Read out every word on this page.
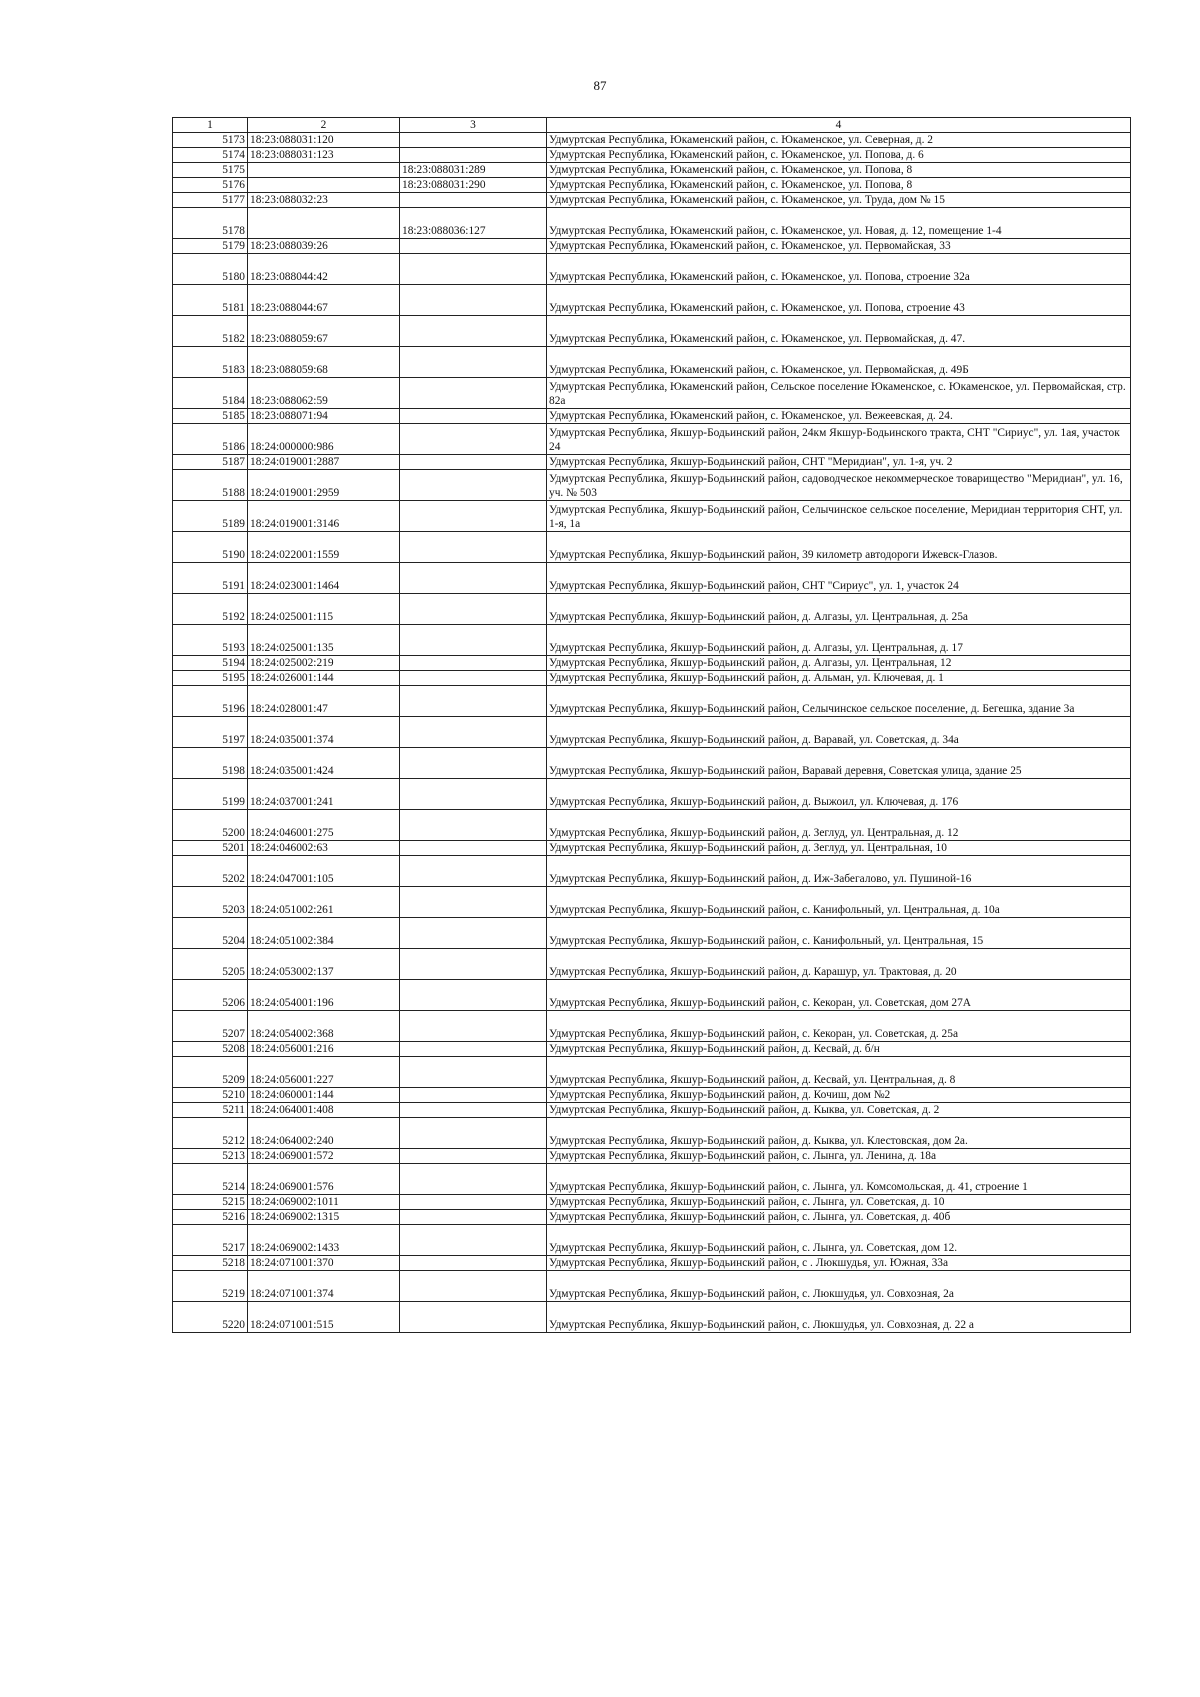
87
1	2	3	4
5173	18:23:088031:120		Удмуртская Республика, Юкаменский район, с. Юкаменское, ул. Северная, д. 2
5174	18:23:088031:123		Удмуртская Республика, Юкаменский район, с. Юкаменское, ул. Попова, д. 6
5175		18:23:088031:289	Удмуртская Республика, Юкаменский район, с. Юкаменское, ул. Попова, 8
5176		18:23:088031:290	Удмуртская Республика, Юкаменский район, с. Юкаменское, ул. Попова, 8
5177	18:23:088032:23		Удмуртская Республика, Юкаменский район, с. Юкаменское, ул. Труда, дом № 15
5178		18:23:088036:127	Удмуртская Республика, Юкаменский район, с. Юкаменское, ул. Новая, д. 12, помещение 1-4
5179	18:23:088039:26		Удмуртская Республика, Юкаменский район, с. Юкаменское, ул. Первомайская, 33
5180	18:23:088044:42		Удмуртская Республика, Юкаменский район, с. Юкаменское, ул. Попова, строение 32а
5181	18:23:088044:67		Удмуртская Республика, Юкаменский район, с. Юкаменское, ул. Попова, строение 43
5182	18:23:088059:67		Удмуртская Республика, Юкаменский район, с. Юкаменское, ул. Первомайская, д. 47.
5183	18:23:088059:68		Удмуртская Республика, Юкаменский район, с. Юкаменское, ул. Первомайская, д. 49Б
5184	18:23:088062:59		Удмуртская Республика, Юкаменский район, Сельское поселение Юкаменское, с. Юкаменское, ул. Первомайская, стр. 82а
5185	18:23:088071:94		Удмуртская Республика, Юкаменский район, с. Юкаменское, ул. Вежеевская, д. 24.
5186	18:24:000000:986		Удмуртская Республика, Якшур-Бодьинский район, 24км Якшур-Бодьинского тракта, СНТ "Сириус", ул. 1ая, участок 24
5187	18:24:019001:2887		Удмуртская Республика, Якшур-Бодьинский район, СНТ "Меридиан", ул. 1-я, уч. 2
5188	18:24:019001:2959		Удмуртская Республика, Якшур-Бодьинский район, садоводческое некоммерческое товарищество "Меридиан", ул. 16, уч. № 503
5189	18:24:019001:3146		Удмуртская Республика, Якшур-Бодьинский район, Селычинское сельское поселение, Меридиан территория СНТ, ул. 1-я, 1а
5190	18:24:022001:1559		Удмуртская Республика, Якшур-Бодьинский район, 39 километр автодороги Ижевск-Глазов.
5191	18:24:023001:1464		Удмуртская Республика, Якшур-Бодьинский район, СНТ "Сириус", ул. 1, участок 24
5192	18:24:025001:115		Удмуртская Республика, Якшур-Бодьинский район, д. Алгазы, ул. Центральная, д. 25а
5193	18:24:025001:135		Удмуртская Республика, Якшур-Бодьинский район, д. Алгазы, ул. Центральная, д. 17
5194	18:24:025002:219		Удмуртская Республика, Якшур-Бодьинский район, д. Алгазы, ул. Центральная, 12
5195	18:24:026001:144		Удмуртская Республика, Якшур-Бодьинский район, д. Альман, ул. Ключевая, д. 1
5196	18:24:028001:47		Удмуртская Республика, Якшур-Бодьинский район, Селычинское сельское поселение, д. Бегешка, здание 3а
5197	18:24:035001:374		Удмуртская Республика, Якшур-Бодьинский район, д. Варавай, ул. Советская, д. 34а
5198	18:24:035001:424		Удмуртская Республика, Якшур-Бодьинский район, Варавай деревня, Советская улица, здание 25
5199	18:24:037001:241		Удмуртская Республика, Якшур-Бодьинский район, д. Выжоил, ул. Ключевая, д. 176
5200	18:24:046001:275		Удмуртская Республика, Якшур-Бодьинский район, д. Зеглуд, ул. Центральная, д. 12
5201	18:24:046002:63		Удмуртская Республика, Якшур-Бодьинский район, д. Зеглуд, ул. Центральная, 10
5202	18:24:047001:105		Удмуртская Республика, Якшур-Бодьинский район, д. Иж-Забегалово, ул. Пушиной-16
5203	18:24:051002:261		Удмуртская Республика, Якшур-Бодьинский район, с. Канифольный, ул. Центральная, д. 10а
5204	18:24:051002:384		Удмуртская Республика, Якшур-Бодьинский район, с. Канифольный, ул. Центральная, 15
5205	18:24:053002:137		Удмуртская Республика, Якшур-Бодьинский район, д. Карашур, ул. Трактовая, д. 20
5206	18:24:054001:196		Удмуртская Республика, Якшур-Бодьинский район, с. Кекоран, ул. Советская, дом 27А
5207	18:24:054002:368		Удмуртская Республика, Якшур-Бодьинский район, с. Кекоран, ул. Советская, д. 25а
5208	18:24:056001:216		Удмуртская Республика, Якшур-Бодьинский район, д. Кесвай, д. б/н
5209	18:24:056001:227		Удмуртская Республика, Якшур-Бодьинский район, д. Кесвай, ул. Центральная, д. 8
5210	18:24:060001:144		Удмуртская Республика, Якшур-Бодьинский район, д. Кочиш, дом №2
5211	18:24:064001:408		Удмуртская Республика, Якшур-Бодьинский район, д. Кыква, ул. Советская, д. 2
5212	18:24:064002:240		Удмуртская Республика, Якшур-Бодьинский район, д. Кыква, ул. Клестовская, дом 2а.
5213	18:24:069001:572		Удмуртская Республика, Якшур-Бодьинский район, с. Лынга, ул. Ленина, д. 18а
5214	18:24:069001:576		Удмуртская Республика, Якшур-Бодьинский район, с. Лынга, ул. Комсомольская, д. 41, строение 1
5215	18:24:069002:1011		Удмуртская Республика, Якшур-Бодьинский район, с. Лынга, ул. Советская, д. 10
5216	18:24:069002:1315		Удмуртская Республика, Якшур-Бодьинский район, с. Лынга, ул. Советская, д. 40б
5217	18:24:069002:1433		Удмуртская Республика, Якшур-Бодьинский район, с. Лынга, ул. Советская, дом 12.
5218	18:24:071001:370		Удмуртская Республика, Якшур-Бодьинский район, с . Люкшудья, ул. Южная, 33а
5219	18:24:071001:374		Удмуртская Республика, Якшур-Бодьинский район, с. Люкшудья, ул. Совхозная, 2а
5220	18:24:071001:515		Удмуртская Республика, Якшур-Бодьинский район, с. Люкшудья, ул. Совхозная, д. 22 а
